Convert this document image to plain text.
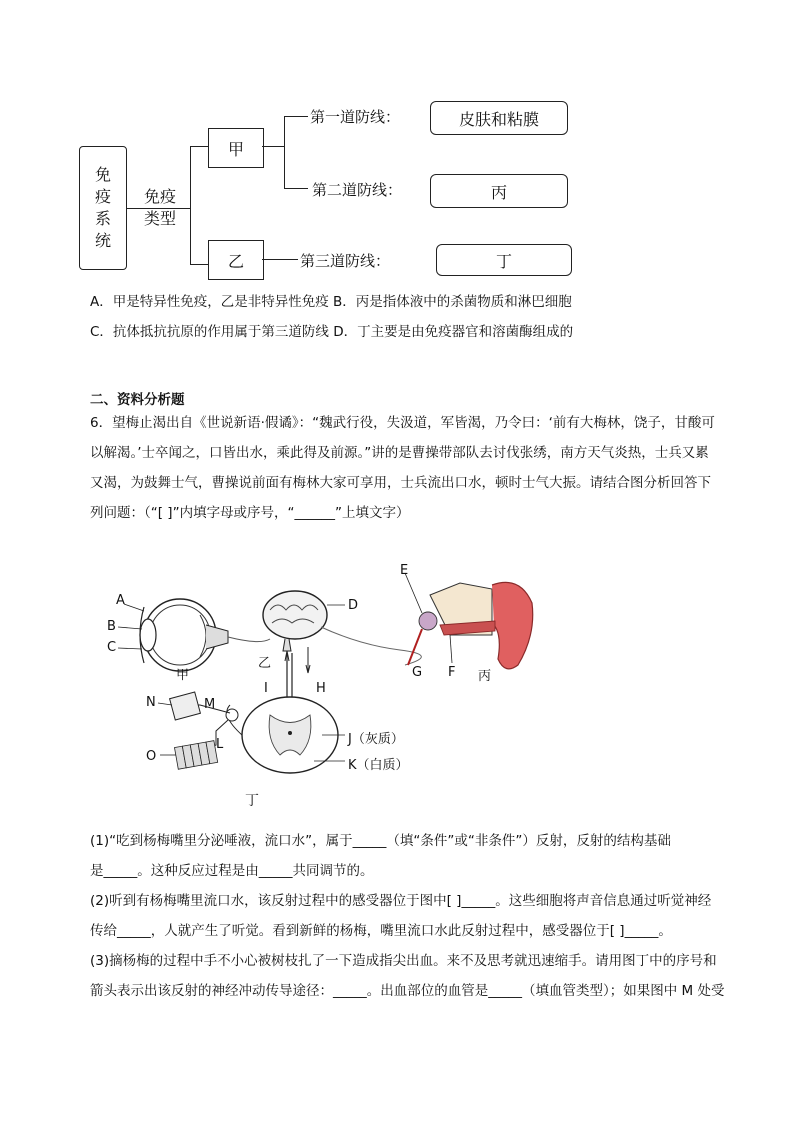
免疫系统
免疫类型
甲
乙
第一道防线：
第二道防线：
第三道防线：
皮肤和粘膜
丙
丁
A．甲是特异性免疫，乙是非特异性免疫 B．丙是指体液中的杀菌物质和淋巴细胞
C．抗体抵抗抗原的作用属于第三道防线 D．丁主要是由免疫器官和溶菌酶组成的
二、资料分析题
6．望梅止渴出自《世说新语·假谲》：“魏武行役，失汲道，军皆渴，乃令曰：‘前有大梅林，饶子，甘酸可
以解渴。’士卒闻之，口皆出水，乘此得及前源。”讲的是曹操带部队去讨伐张绣，南方天气炎热，士兵又累
又渴，为鼓舞士气，曹操说前面有梅林大家可享用，士兵流出口水，顿时士气大振。请结合图分析回答下
列问题：（“[ ]”内填字母或序号，“______”上填文字）
A
B
C
甲
D
乙
E
G F 丙
I	H
N	M
L
O
J（灰质）
K（白质）
丁
(1)“吃到杨梅嘴里分泌唾液，流口水”，属于_____（填“条件”或“非条件”）反射，反射的结构基础
是_____。这种反应过程是由_____共同调节的。
(2)听到有杨梅嘴里流口水，该反射过程中的感受器位于图中[ ]_____。这些细胞将声音信息通过听觉神经
传给_____，人就产生了听觉。看到新鲜的杨梅，嘴里流口水此反射过程中，感受器位于[ ]_____。
(3)摘杨梅的过程中手不小心被树枝扎了一下造成指尖出血。来不及思考就迅速缩手。请用图丁中的序号和
箭头表示出该反射的神经冲动传导途径：_____。出血部位的血管是_____（填血管类型）；如果图中 M 处受
